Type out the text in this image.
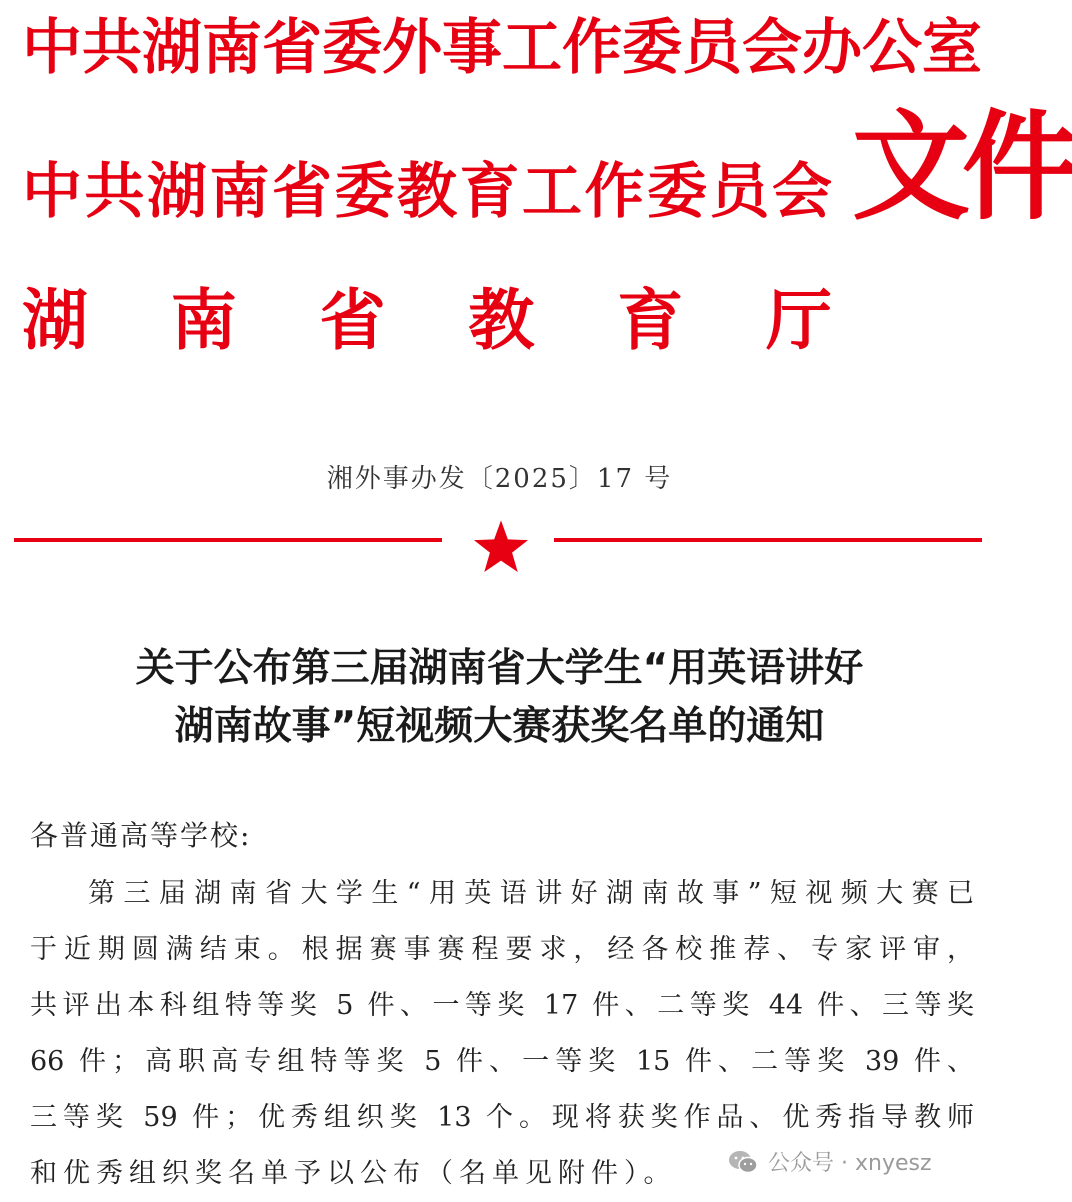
中 共 湖 南 省 委 外 事 工 作 委 员 会 办 公 室
中 共 湖 南 省 委 教 育 工 作 委 员 会
湖 南 省 教 育 厅
文件
湘外事办发〔2025〕17 号
关于公布第三届湖南省大学生“用英语讲好
湖南故事”短视频大赛获奖名单的通知
各普通高等学校:
第三届湖南省大学生“用英语讲好湖南故事”短视频大赛已
于近期圆满结束。根据赛事赛程要求，经各校推荐、专家评审，
共评出本科组特等奖 5 件、一等奖 17 件、二等奖 44 件、三等奖
66 件；高职高专组特等奖 5 件、一等奖 15 件、二等奖 39 件、
三等奖 59 件；优秀组织奖 13 个。现将获奖作品、优秀指导教师
和优秀组织奖名单予以公布（名单见附件）。	公众号 · xnyesz
